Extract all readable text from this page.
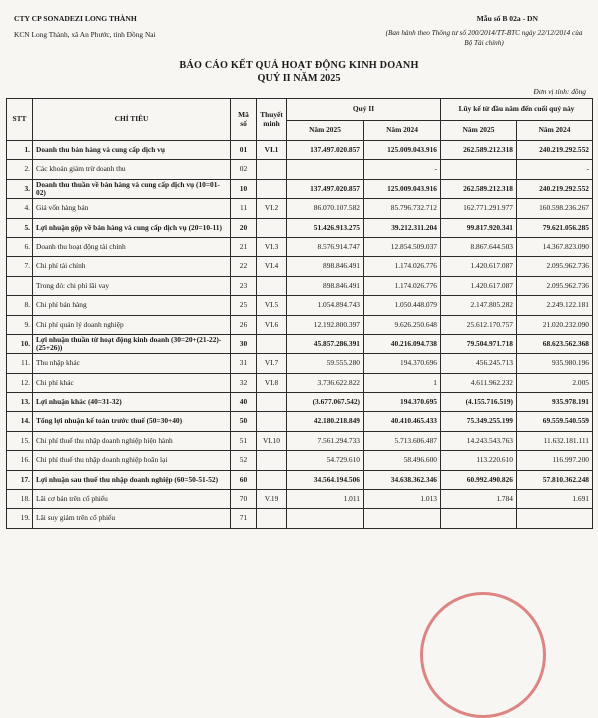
CTY CP SONADEZI LONG THÀNH
KCN Long Thành, xã An Phước, tỉnh Đồng Nai
Mẫu số B 02a - DN
(Ban hành theo Thông tư số 200/2014/TT-BTC ngày 22/12/2014 của Bộ Tài chính)
BÁO CÁO KẾT QUẢ HOẠT ĐỘNG KINH DOANH
QUÝ II NĂM 2025
Đơn vị tính: đồng
STT	CHỈ TIÊU	Mã số	Thuyết minh	Quý II		Lũy kế từ đầu năm đến cuối quý này	
				Năm 2025	Năm 2024	Năm 2025	Năm 2024
1.	Doanh thu bán hàng và cung cấp dịch vụ	01	VI.1	137.497.020.857	125.009.043.916	262.589.212.318	240.219.292.552
2.	Các khoản giảm trừ doanh thu	02			-		-
3.	Doanh thu thuần về bán hàng và cung cấp dịch vụ (10=01-02)	10		137.497.020.857	125.009.043.916	262.589.212.318	240.219.292.552
4.	Giá vốn hàng bán	11	VI.2	86.070.107.582	85.796.732.712	162.771.291.977	160.598.236.267
5.	Lợi nhuận gộp về bán hàng và cung cấp dịch vụ (20=10-11)	20		51.426.913.275	39.212.311.204	99.817.920.341	79.621.056.285
6.	Doanh thu hoạt động tài chính	21	VI.3	8.576.914.747	12.854.509.037	8.867.644.503	14.367.823.090
7.	Chi phí tài chính	22	VI.4	898.846.491	1.174.026.776	1.420.617.087	2.095.962.736
	Trong đó: chi phí lãi vay	23		898.846.491	1.174.026.776	1.420.617.087	2.095.962.736
8.	Chi phí bán hàng	25	VI.5	1.054.894.743	1.050.448.079	2.147.805.282	2.249.122.181
9.	Chi phí quản lý doanh nghiệp	26	VI.6	12.192.800.397	9.626.250.648	25.612.170.757	21.020.232.090
10.	Lợi nhuận thuần từ hoạt động kinh doanh (30=20+(21-22)-(25+26))	30		45.857.286.391	40.216.094.738	79.504.971.718	68.623.562.368
11.	Thu nhập khác	31	VI.7	59.555.280	194.370.696	456.245.713	935.980.196
12.	Chi phí khác	32	VI.8	3.736.622.822	1	4.611.962.232	2.005
13.	Lợi nhuận khác (40=31-32)	40		(3.677.067.542)	194.370.695	(4.155.716.519)	935.978.191
14.	Tổng lợi nhuận kế toán trước thuế (50=30+40)	50		42.180.218.849	40.410.465.433	75.349.255.199	69.559.540.559
15.	Chi phí thuế thu nhập doanh nghiệp hiện hành	51	VI.10	7.561.294.733	5.713.606.487	14.243.543.763	11.632.181.111
16.	Chi phí thuế thu nhập doanh nghiệp hoãn lại	52		54.729.610	58.496.600	113.220.610	116.997.200
17.	Lợi nhuận sau thuế thu nhập doanh nghiệp (60=50-51-52)	60		34.564.194.506	34.638.362.346	60.992.490.826	57.810.362.248
18.	Lãi cơ bản trên cổ phiếu	70	V.19	1.011	1.013	1.784	1.691
19.	Lãi suy giảm trên cổ phiếu	71					
